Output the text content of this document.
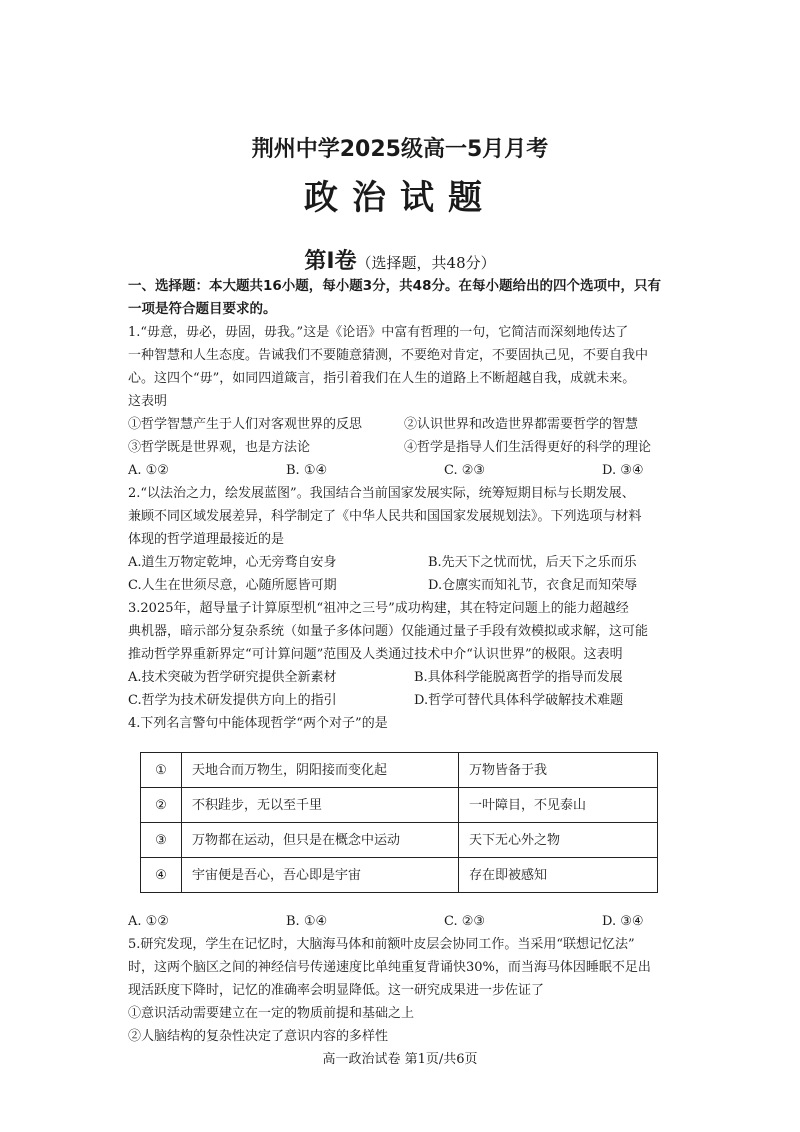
荆州中学2025级高一5月月考
政治试题
第Ⅰ卷（选择题，共48分）

一、选择题：本大题共16小题，每小题3分，共48分。在每小题给出的四个选项中，只有

一项是符合题目要求的。

1.“毋意，毋必，毋固，毋我。”这是《论语》中富有哲理的一句，它简洁而深刻地传达了

一种智慧和人生态度。告诫我们不要随意猜测，不要绝对肯定，不要固执己见，不要自我中

心。这四个“毋”，如同四道箴言，指引着我们在人生的道路上不断超越自我，成就未来。

这表明

①哲学智慧产生于人们对客观世界的反思	②认识世界和改造世界都需要哲学的智慧
③哲学既是世界观，也是方法论	④哲学是指导人们生活得更好的科学的理论
A. ①②	B. ①④	C. ②③	D. ③④

2.“以法治之力，绘发展蓝图”。我国结合当前国家发展实际，统筹短期目标与长期发展、

兼顾不同区域发展差异，科学制定了《中华人民共和国国家发展规划法》。下列选项与材料

体现的哲学道理最接近的是

A.道生万物定乾坤，心无旁骛自安身	B.先天下之忧而忧，后天下之乐而乐
C.人生在世须尽意，心随所愿皆可期	D.仓廪实而知礼节，衣食足而知荣辱

3.2025年，超导量子计算原型机“祖冲之三号”成功构建，其在特定问题上的能力超越经

典机器，暗示部分复杂系统（如量子多体问题）仅能通过量子手段有效模拟或求解，这可能

推动哲学界重新界定“可计算问题”范围及人类通过技术中介“认识世界”的极限。这表明

A.技术突破为哲学研究提供全新素材	B.具体科学能脱离哲学的指导而发展
C.哲学为技术研发提供方向上的指引	D.哲学可替代具体科学破解技术难题

4.下列名言警句中能体现哲学“两个对子”的是

①	天地合而万物生，阴阳接而变化起	万物皆备于我
②	不积跬步，无以至千里	一叶障目，不见泰山
③	万物都在运动，但只是在概念中运动	天下无心外之物
④	宇宙便是吾心，吾心即是宇宙	存在即被感知
A. ①②	B. ①④	C. ②③	D. ③④

5.研究发现，学生在记忆时，大脑海马体和前额叶皮层会协同工作。当采用“联想记忆法”

时，这两个脑区之间的神经信号传递速度比单纯重复背诵快30%，而当海马体因睡眠不足出

现活跃度下降时，记忆的准确率会明显降低。这一研究成果进一步佐证了

①意识活动需要建立在一定的物质前提和基础之上

②人脑结构的复杂性决定了意识内容的多样性

高一政治试卷 第1页/共6页
